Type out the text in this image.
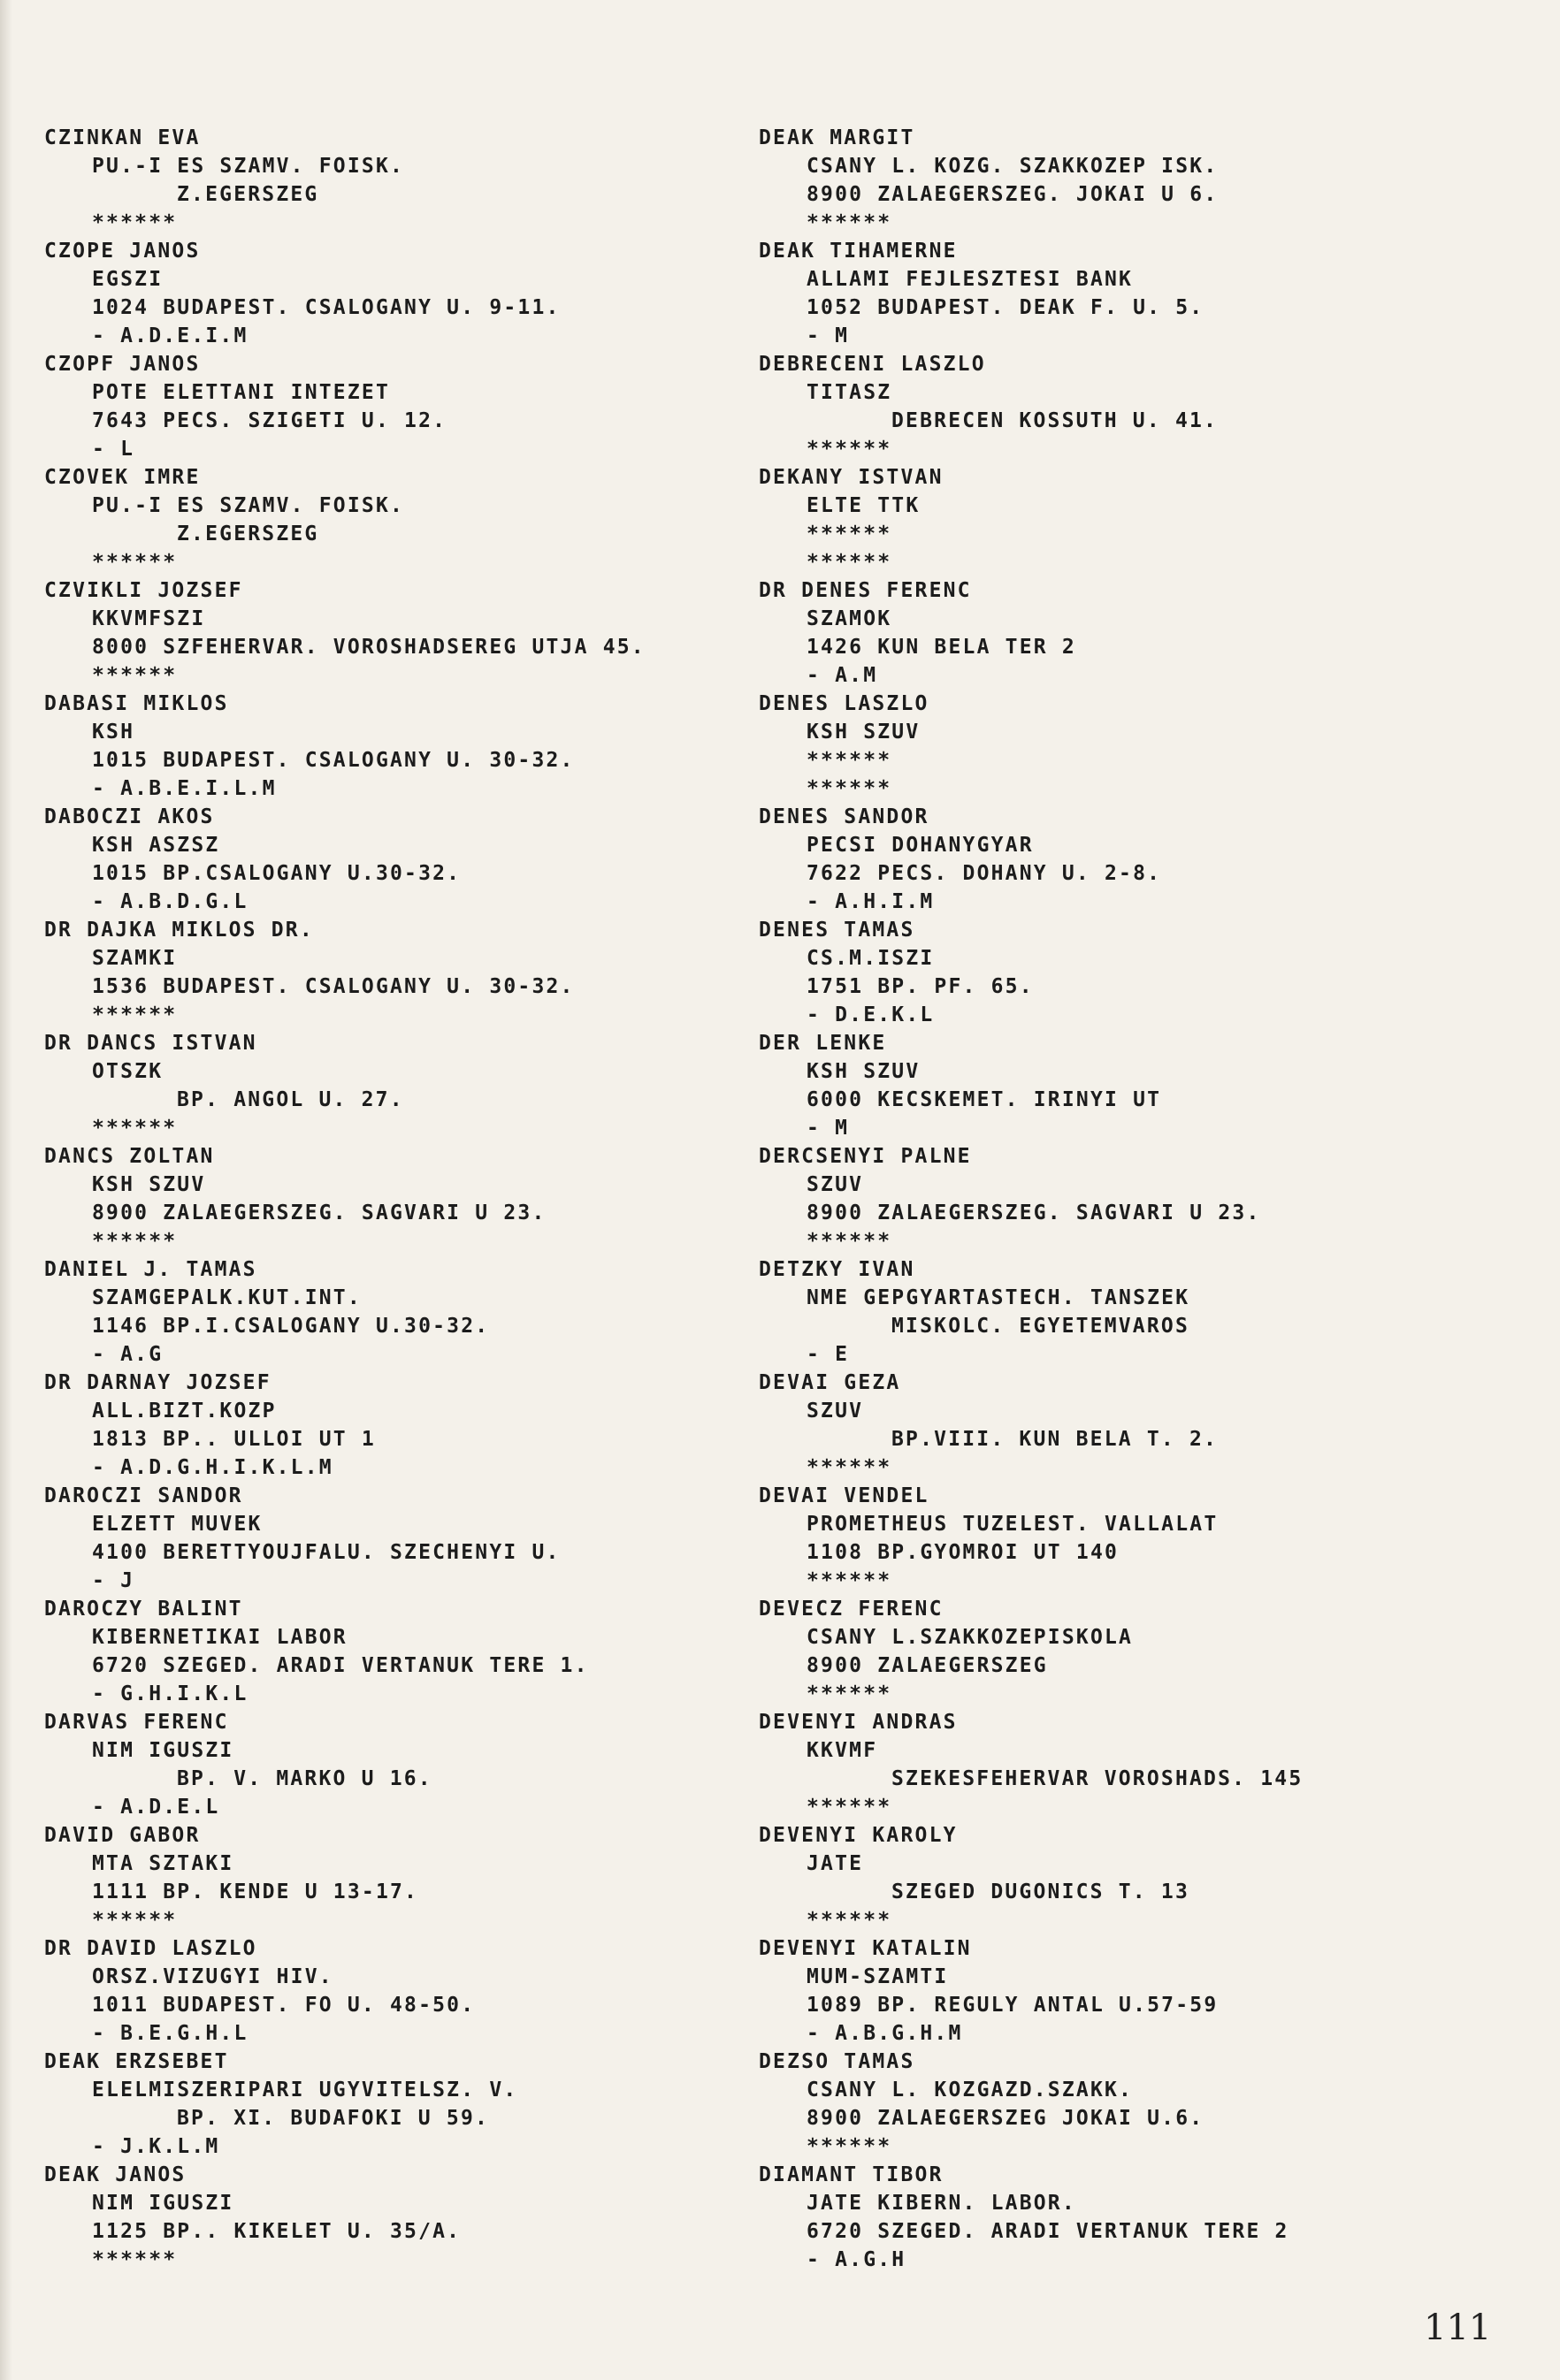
CZINKAN EVA
PU.-I ES SZAMV. FOISK.
Z.EGERSZEG
******
CZOPE JANOS
EGSZI
1024 BUDAPEST. CSALOGANY U. 9-11.
- A.D.E.I.M
CZOPF JANOS
POTE ELETTANI INTEZET
7643 PECS. SZIGETI U. 12.
- L
CZOVEK IMRE
PU.-I ES SZAMV. FOISK.
Z.EGERSZEG
******
CZVIKLI JOZSEF
KKVMFSZI
8000 SZFEHERVAR. VOROSHADSEREG UTJA 45.
******
DABASI MIKLOS
KSH
1015 BUDAPEST. CSALOGANY U. 30-32.
- A.B.E.I.L.M
DABOCZI AKOS
KSH ASZSZ
1015 BP.CSALOGANY U.30-32.
- A.B.D.G.L
DR DAJKA MIKLOS DR.
SZAMKI
1536 BUDAPEST. CSALOGANY U. 30-32.
******
DR DANCS ISTVAN
OTSZK
BP. ANGOL U. 27.
******
DANCS ZOLTAN
KSH SZUV
8900 ZALAEGERSZEG. SAGVARI U 23.
******
DANIEL J. TAMAS
SZAMGEPALK.KUT.INT.
1146 BP.I.CSALOGANY U.30-32.
- A.G
DR DARNAY JOZSEF
ALL.BIZT.KOZP
1813 BP.. ULLOI UT 1
- A.D.G.H.I.K.L.M
DAROCZI SANDOR
ELZETT MUVEK
4100 BERETTYOUJFALU. SZECHENYI U.
- J
DAROCZY BALINT
KIBERNETIKAI LABOR
6720 SZEGED. ARADI VERTANUK TERE 1.
- G.H.I.K.L
DARVAS FERENC
NIM IGUSZI
BP. V. MARKO U 16.
- A.D.E.L
DAVID GABOR
MTA SZTAKI
1111 BP. KENDE U 13-17.
******
DR DAVID LASZLO
ORSZ.VIZUGYI HIV.
1011 BUDAPEST. FO U. 48-50.
- B.E.G.H.L
DEAK ERZSEBET
ELELMISZERIPARI UGYVITELSZ. V.
BP. XI. BUDAFOKI U 59.
- J.K.L.M
DEAK JANOS
NIM IGUSZI
1125 BP.. KIKELET U. 35/A.
******
DEAK MARGIT
CSANY L. KOZG. SZAKKOZEP ISK.
8900 ZALAEGERSZEG. JOKAI U 6.
******
DEAK TIHAMERNE
ALLAMI FEJLESZTESI BANK
1052 BUDAPEST. DEAK F. U. 5.
- M
DEBRECENI LASZLO
TITASZ
DEBRECEN KOSSUTH U. 41.
******
DEKANY ISTVAN
ELTE TTK
******
******
DR DENES FERENC
SZAMOK
1426 KUN BELA TER 2
- A.M
DENES LASZLO
KSH SZUV
******
******
DENES SANDOR
PECSI DOHANYGYAR
7622 PECS. DOHANY U. 2-8.
- A.H.I.M
DENES TAMAS
CS.M.ISZI
1751 BP. PF. 65.
- D.E.K.L
DER LENKE
KSH SZUV
6000 KECSKEMET. IRINYI UT
- M
DERCSENYI PALNE
SZUV
8900 ZALAEGERSZEG. SAGVARI U 23.
******
DETZKY IVAN
NME GEPGYARTASTECH. TANSZEK
MISKOLC. EGYETEMVAROS
- E
DEVAI GEZA
SZUV
BP.VIII. KUN BELA T. 2.
******
DEVAI VENDEL
PROMETHEUS TUZELEST. VALLALAT
1108 BP.GYOMROI UT 140
******
DEVECZ FERENC
CSANY L.SZAKKOZEPISKOLA
8900 ZALAEGERSZEG
******
DEVENYI ANDRAS
KKVMF
SZEKESFEHERVAR VOROSHADS. 145
******
DEVENYI KAROLY
JATE
SZEGED DUGONICS T. 13
******
DEVENYI KATALIN
MUM-SZAMTI
1089 BP. REGULY ANTAL U.57-59
- A.B.G.H.M
DEZSO TAMAS
CSANY L. KOZGAZD.SZAKK.
8900 ZALAEGERSZEG JOKAI U.6.
******
DIAMANT TIBOR
JATE KIBERN. LABOR.
6720 SZEGED. ARADI VERTANUK TERE 2
- A.G.H
111
